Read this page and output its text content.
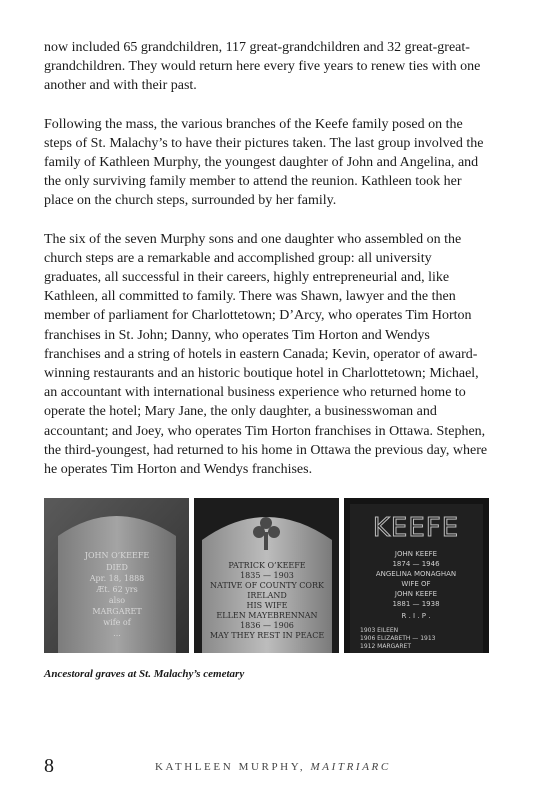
now included 65 grandchildren, 117 great-grandchildren and 32 great-great-grandchildren. They would return here every five years to renew ties with one another and with their past.

Following the mass, the various branches of the Keefe family posed on the steps of St. Malachy’s to have their pictures taken. The last group involved the family of Kathleen Murphy, the youngest daughter of John and Angelina, and the only surviving family member to attend the reunion. Kathleen took her place on the church steps, surrounded by her family.

The six of the seven Murphy sons and one daughter who assembled on the church steps are a remarkable and accomplished group: all university graduates, all successful in their careers, highly entrepreneurial and, like Kathleen, all committed to family. There was Shawn, lawyer and the then member of parliament for Charlottetown; D’Arcy, who operates Tim Horton franchises in St. John; Danny, who operates Tim Horton and Wendys franchises and a string of hotels in eastern Canada; Kevin, operator of award-winning restaurants and an historic boutique hotel in Charlottetown; Michael, an accountant with international business experience who returned home to operate the hotel; Mary Jane, the only daughter, a businesswoman and accountant; and Joey, who operates Tim Horton franchises in Ottawa. Stephen, the third-youngest, had returned to his home in Ottawa the previous day, where he operates Tim Horton and Wendys franchises.

JOHN O’KEEFE
DIED
Apr. 18, 1888
Æt. 62 yrs
also
MARGARET
wife of
...
PATRICK O’KEEFE
1835 — 1903
NATIVE OF COUNTY CORK
IRELAND
HIS WIFE
ELLEN MAYEBRENNAN
1836 — 1906
MAY THEY REST IN PEACE
KEEFE
JOHN KEEFE
1874 — 1946
ANGELINA MONAGHAN
WIFE OF
JOHN KEEFE
1881 — 1938
R . I . P .
1903 EILEEN
1906 ELIZABETH — 1913
1912 MARGARET
Ancestoral graves at St. Malachy’s cemetary
8	KATHLEEN MURPHY, MAITRIARC
